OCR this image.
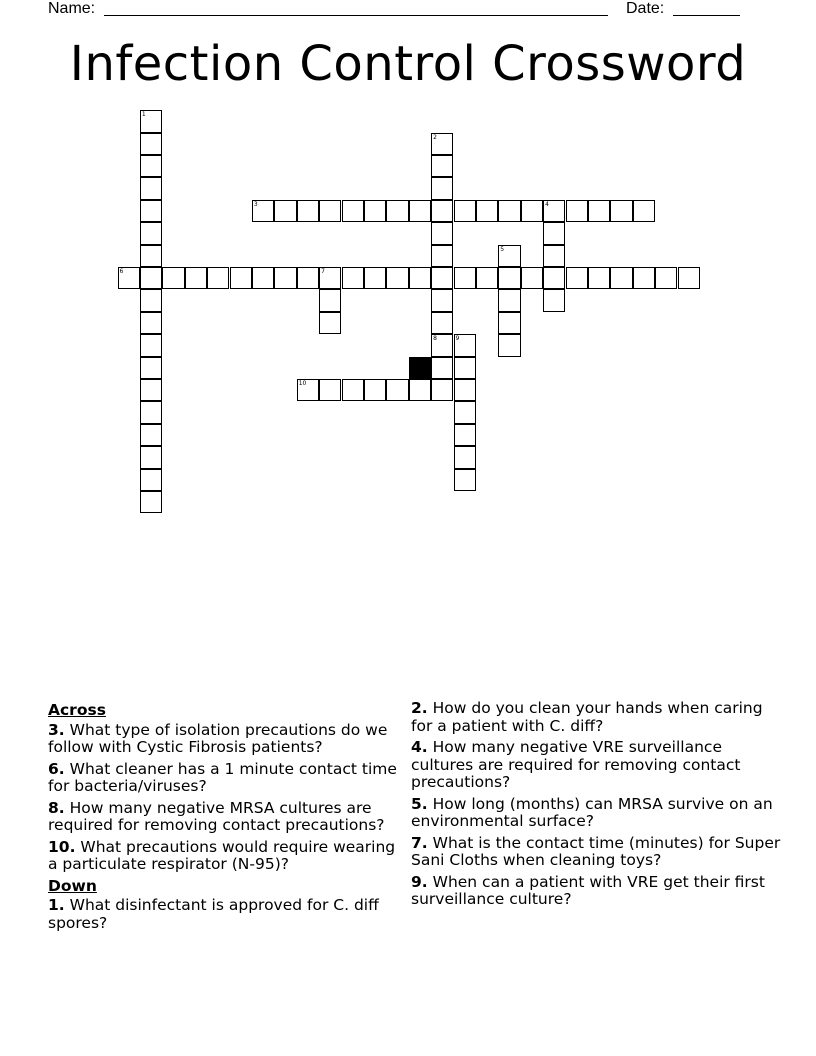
Name:	Date:
Infection Control Crossword
1
2
8
3	4
5
6	7
9
10
Across
3. What type of isolation precautions do we follow with Cystic Fibrosis patients?
6. What cleaner has a 1 minute contact time for bacteria/viruses?
8. How many negative MRSA cultures are required for removing contact precautions?
10. What precautions would require wearing a particulate respirator (N-95)?
Down
1. What disinfectant is approved for C. diff spores?
2. How do you clean your hands when caring for a patient with C. diff?
4. How many negative VRE surveillance cultures are required for removing contact precautions?
5. How long (months) can MRSA survive on an environmental surface?
7. What is the contact time (minutes) for Super Sani Cloths when cleaning toys?
9. When can a patient with VRE get their first surveillance culture?
